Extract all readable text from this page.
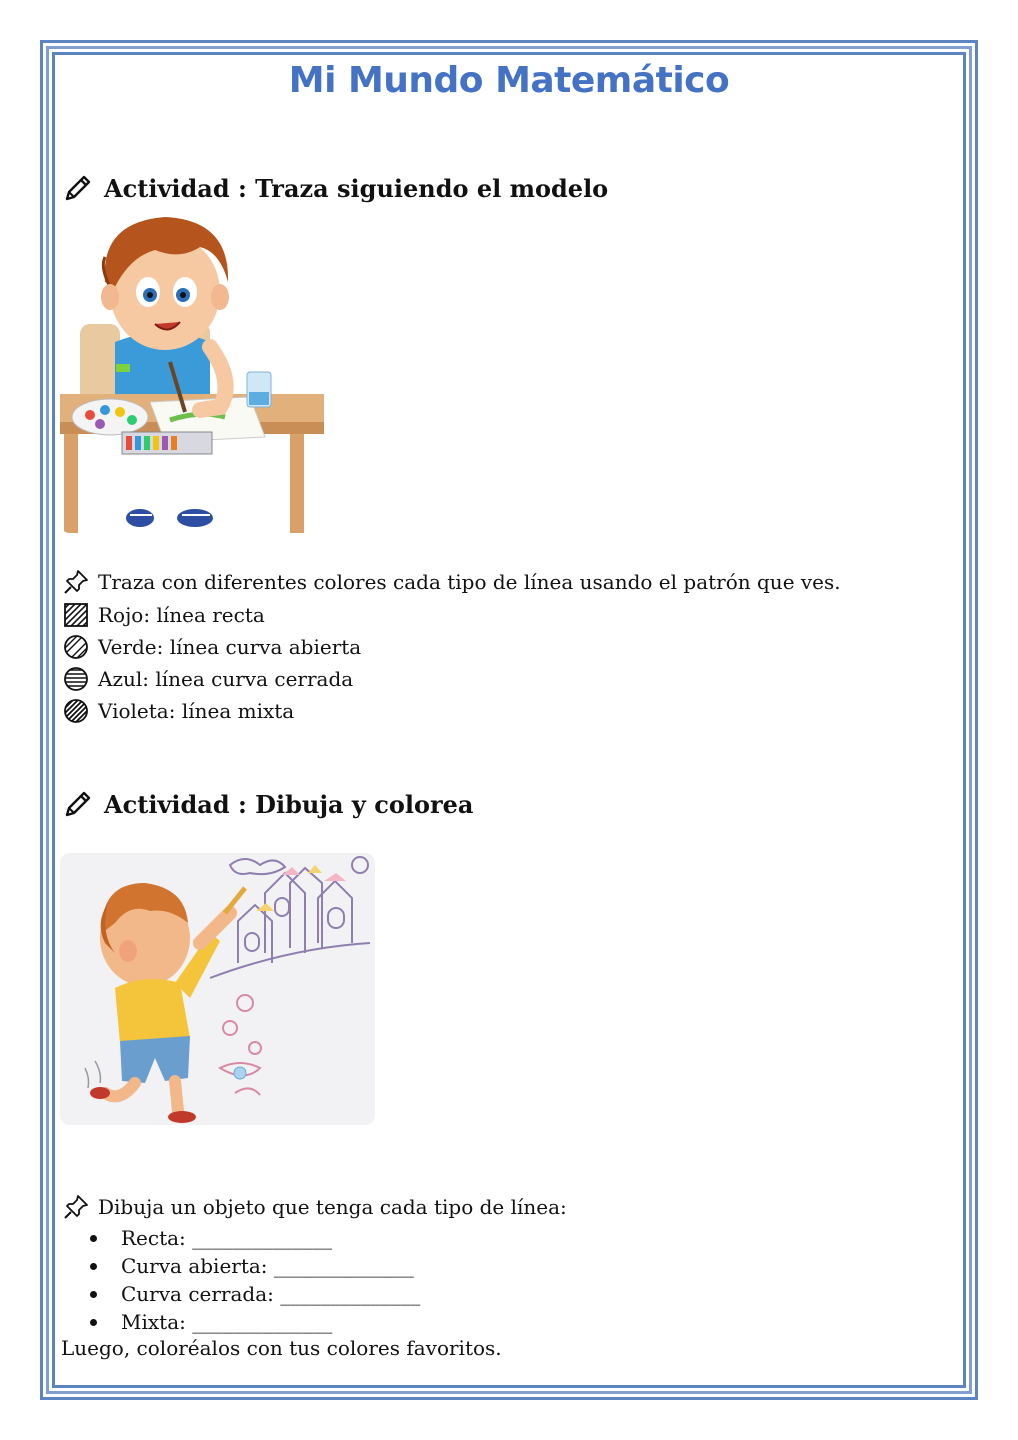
Mi Mundo Matemático
Actividad : Traza siguiendo el modelo
Traza con diferentes colores cada tipo de línea usando el patrón que ves.
Rojo: línea recta
Verde: línea curva abierta
Azul: línea curva cerrada
Violeta: línea mixta
Actividad : Dibuja y colorea
Dibuja un objeto que tenga cada tipo de línea:
Recta: ______________
Curva abierta: ______________
Curva cerrada: ______________
Mixta: ______________
Luego, coloréalos con tus colores favoritos.
